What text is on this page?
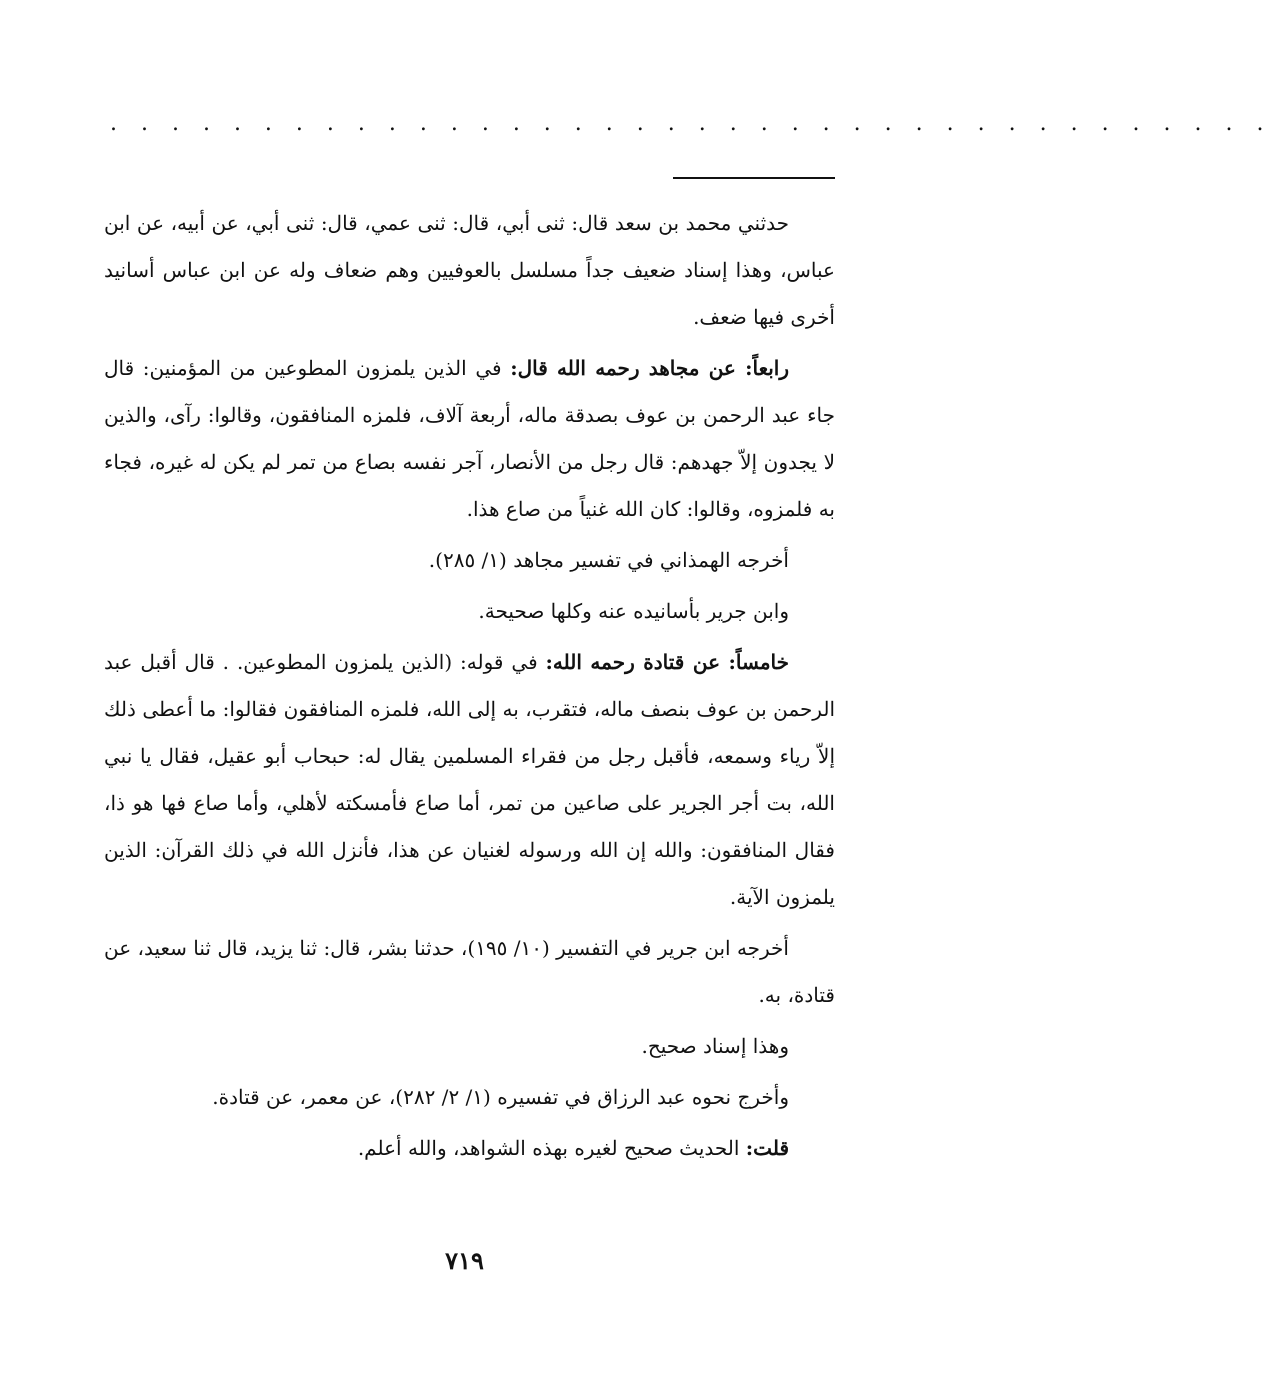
. . . . . . . . . . . . . . . . . . . . . . . . . . . . . . . . . . . . . .

حدثني محمد بن سعد قال: ثنى أبي، قال: ثنى عمي، قال: ثنى أبي، عن أبيه، عن ابن عباس، وهذا إسناد ضعيف جداً مسلسل بالعوفيين وهم ضعاف وله عن ابن عباس أسانيد أخرى فيها ضعف.

رابعاً: عن مجاهد رحمه الله قال: في الذين يلمزون المطوعين من المؤمنين: قال جاء عبد الرحمن بن عوف بصدقة ماله، أربعة آلاف، فلمزه المنافقون، وقالوا: رآى، والذين لا يجدون إلاّ جهدهم: قال رجل من الأنصار، آجر نفسه بصاع من تمر لم يكن له غيره، فجاء به فلمزوه، وقالوا: كان الله غنياً من صاع هذا.

أخرجه الهمذاني في تفسير مجاهد (١/ ٢٨٥).

وابن جرير بأسانيده عنه وكلها صحيحة.

خامساً: عن قتادة رحمه الله: في قوله: (الذين يلمزون المطوعين. . قال أقبل عبد الرحمن بن عوف بنصف ماله، فتقرب، به إلى الله، فلمزه المنافقون فقالوا: ما أعطى ذلك إلاّ رياء وسمعه، فأقبل رجل من فقراء المسلمين يقال له: حبحاب أبو عقيل، فقال يا نبي الله، بت أجر الجرير على صاعين من تمر، أما صاع فأمسكته لأهلي، وأما صاع فها هو ذا، فقال المنافقون: والله إن الله ورسوله لغنيان عن هذا، فأنزل الله في ذلك القرآن: الذين يلمزون الآية.

أخرجه ابن جرير في التفسير (١٠/ ١٩٥)، حدثنا بشر، قال: ثنا يزيد، قال ثنا سعيد، عن قتادة، به.

وهذا إسناد صحيح.

وأخرج نحوه عبد الرزاق في تفسيره (١/ ٢/ ٢٨٢)، عن معمر، عن قتادة.

قلت: الحديث صحيح لغيره بهذه الشواهد، والله أعلم.

٧١٩
